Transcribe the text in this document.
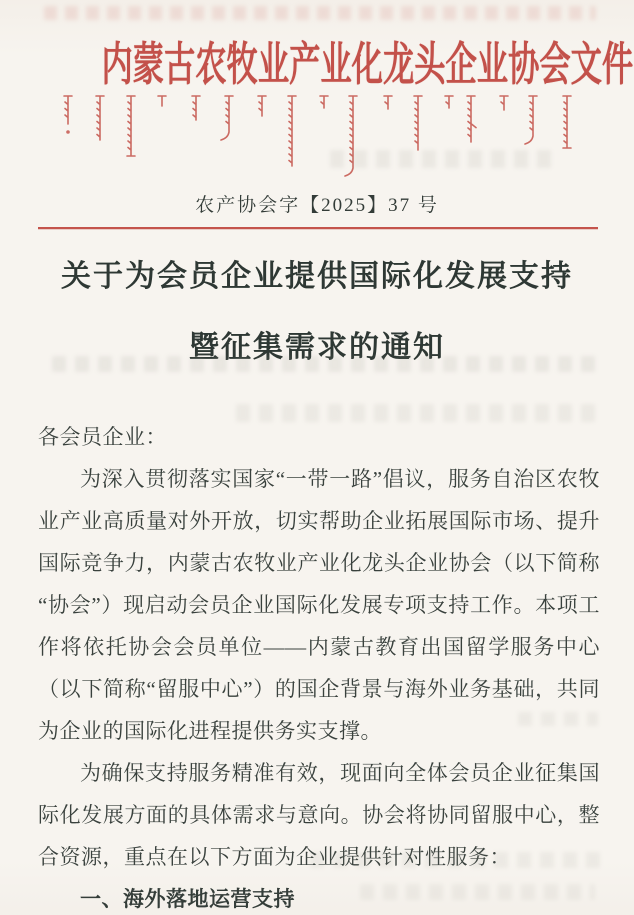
内蒙古农牧业产业化龙头企业协会文件
农产协会字【2025】37 号
关于为会员企业提供国际化发展支持
暨征集需求的通知

各会员企业：

为深入贯彻落实国家“一带一路”倡议，服务自治区农牧业产业高质量对外开放，切实帮助企业拓展国际市场、提升国际竞争力，内蒙古农牧业产业化龙头企业协会（以下简称“协会”）现启动会员企业国际化发展专项支持工作。本项工作将依托协会会员单位——内蒙古教育出国留学服务中心（以下简称“留服中心”）的国企背景与海外业务基础，共同为企业的国际化进程提供务实支撑。

为确保支持服务精准有效，现面向全体会员企业征集国际化发展方面的具体需求与意向。协会将协同留服中心，整合资源，重点在以下方面为企业提供针对性服务：

一、海外落地运营支持
